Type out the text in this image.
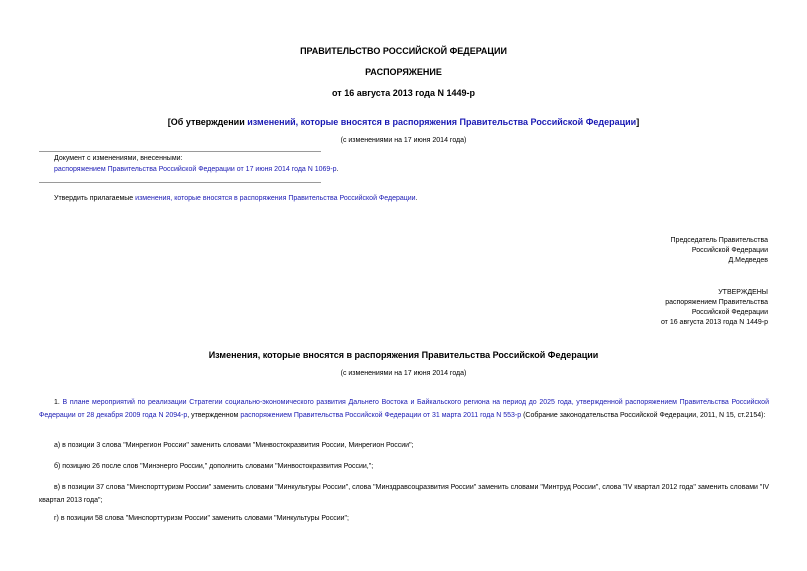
ПРАВИТЕЛЬСТВО РОССИЙСКОЙ ФЕДЕРАЦИИ
РАСПОРЯЖЕНИЕ
от 16 августа 2013 года N 1449-р
[Об утверждении изменений, которые вносятся в распоряжения Правительства Российской Федерации]
(с изменениями на 17 июня 2014 года)
Документ с изменениями, внесенными:
распоряжением Правительства Российской Федерации от 17 июня 2014 года N 1069-р.
Утвердить прилагаемые изменения, которые вносятся в распоряжения Правительства Российской Федерации.
Председатель Правительства
Российской Федерации
Д.Медведев
УТВЕРЖДЕНЫ
распоряжением Правительства
Российской Федерации
от 16 августа 2013 года N 1449-р
Изменения, которые вносятся в распоряжения Правительства Российской Федерации
(с изменениями на 17 июня 2014 года)
1. В плане мероприятий по реализации Стратегии социально-экономического развития Дальнего Востока и Байкальского региона на период до 2025 года, утвержденной распоряжением Правительства Российской Федерации от 28 декабря 2009 года N 2094-р, утвержденном распоряжением Правительства Российской Федерации от 31 марта 2011 года N 553-р (Собрание законодательства Российской Федерации, 2011, N 15, ст.2154):
а) в позиции 3 слова "Минрегион России" заменить словами "Минвостокразвития России, Минрегион России";
б) позицию 26 после слов "Минэнерго России," дополнить словами "Минвостокразвития России,";
в) в позиции 37 слова "Минспорттуризм России" заменить словами "Минкультуры России", слова "Минздравсоцразвития России" заменить словами "Минтруд России", слова "IV квартал 2012 года" заменить словами "IV квартал 2013 года";
г) в позиции 58 слова "Минспорттуризм России" заменить словами "Минкультуры России";
